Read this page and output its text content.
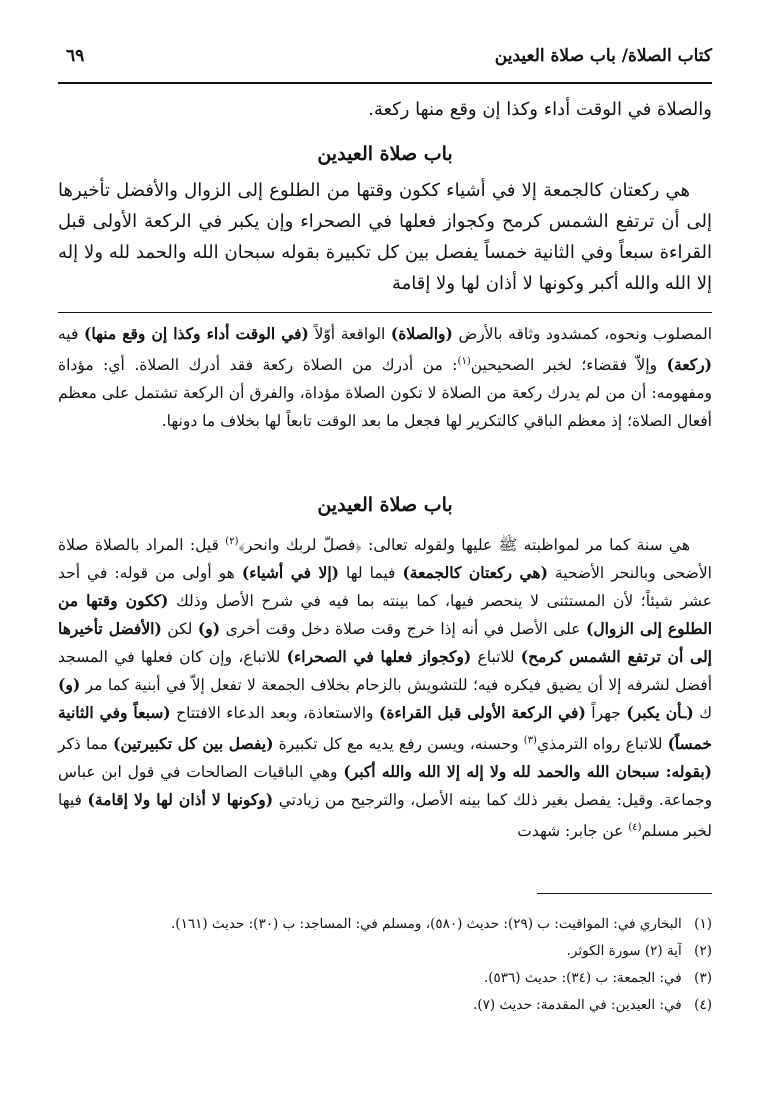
كتاب الصلاة/ باب صلاة العيدين
٦٩
والصلاة في الوقت أداء وكذا إن وقع منها ركعة.
باب صلاة العيدين
هي ركعتان كالجمعة إلا في أشياء ككون وقتها من الطلوع إلى الزوال والأفضل تأخيرها إلى أن ترتفع الشمس كرمح وكجواز فعلها في الصحراء وإن يكبر في الركعة الأولى قبل القراءة سبعاً وفي الثانية خمساً يفصل بين كل تكبيرة بقوله سبحان الله والحمد لله ولا إله إلا الله والله أكبر وكونها لا أذان لها ولا إقامة
المصلوب ونحوه، كمشدود وثاقه بالأرض (والصلاة) الواقعة أوّلاً (في الوقت أداء وكذا إن وقع منها) فيه (ركعة) وإلاّ فقضاء؛ لخبر الصحيحين$^{(١)}$: من أدرك من الصلاة ركعة فقد أدرك الصلاة. أي: مؤداة ومفهومه: أن من لم يدرك ركعة من الصلاة لا تكون الصلاة مؤداة، والفرق أن الركعة تشتمل على معظم أفعال الصلاة؛ إذ معظم الباقي كالتكرير لها فجعل ما بعد الوقت تابعاً لها بخلاف ما دونها.
باب صلاة العيدين
هي سنة كما مر لمواظبته ﷺ عليها ولقوله تعالى: ﴿فصلّ لربك وانحر﴾$^{(٢)}$ قيل: المراد بالصلاة صلاة الأضحى وبالنحر الأضحية (هي ركعتان كالجمعة) فيما لها (إلا في أشياء) هو أولى من قوله: في أحد عشر شيئاً؛ لأن المستثنى لا ينحصر فيها، كما بينته بما فيه في شرح الأصل وذلك (ككون وقتها من الطلوع إلى الزوال) على الأصل في أنه إذا خرج وقت صلاة دخل وقت أخرى (و) لكن (الأفضل تأخيرها إلى أن ترتفع الشمس كرمح) للاتباع (وكجواز فعلها في الصحراء) للاتباع، وإن كان فعلها في المسجد أفضل لشرفه إلا أن يضيق فيكره فيه؛ للتشويش بالزحام بخلاف الجمعة لا تفعل إلاّ في أبنية كما مر (و) ك (ـأن يكبر) جهراً (في الركعة الأولى قبل القراءة) والاستعاذة، وبعد الدعاء الافتتاح (سبعاً وفي الثانية خمساً) للاتباع رواه الترمذي$^{(٣)}$ وحسنه، ويسن رفع يديه مع كل تكبيرة (يفصل بين كل تكبيرتين) مما ذكر (بقوله: سبحان الله والحمد لله ولا إله إلا الله والله أكبر) وهي الباقيات الصالحات في قول ابن عباس وجماعة. وقيل: يفصل بغير ذلك كما بينه الأصل، والترجيح من زيادتي (وكونها لا أذان لها ولا إقامة) فيها لخبر مسلم$^{(٤)}$ عن جابر: شهدت
(١) البخاري في: المواقيت: ب (٢٩): حديث (٥٨٠)، ومسلم في: المساجد: ب (٣٠): حديث (١٦١).
(٢) آية (٢) سورة الكوثر.
(٣) في: الجمعة: ب (٣٤): حديث (٥٣٦).
(٤) في: العيدين: في المقدمة: حديث (٧).
